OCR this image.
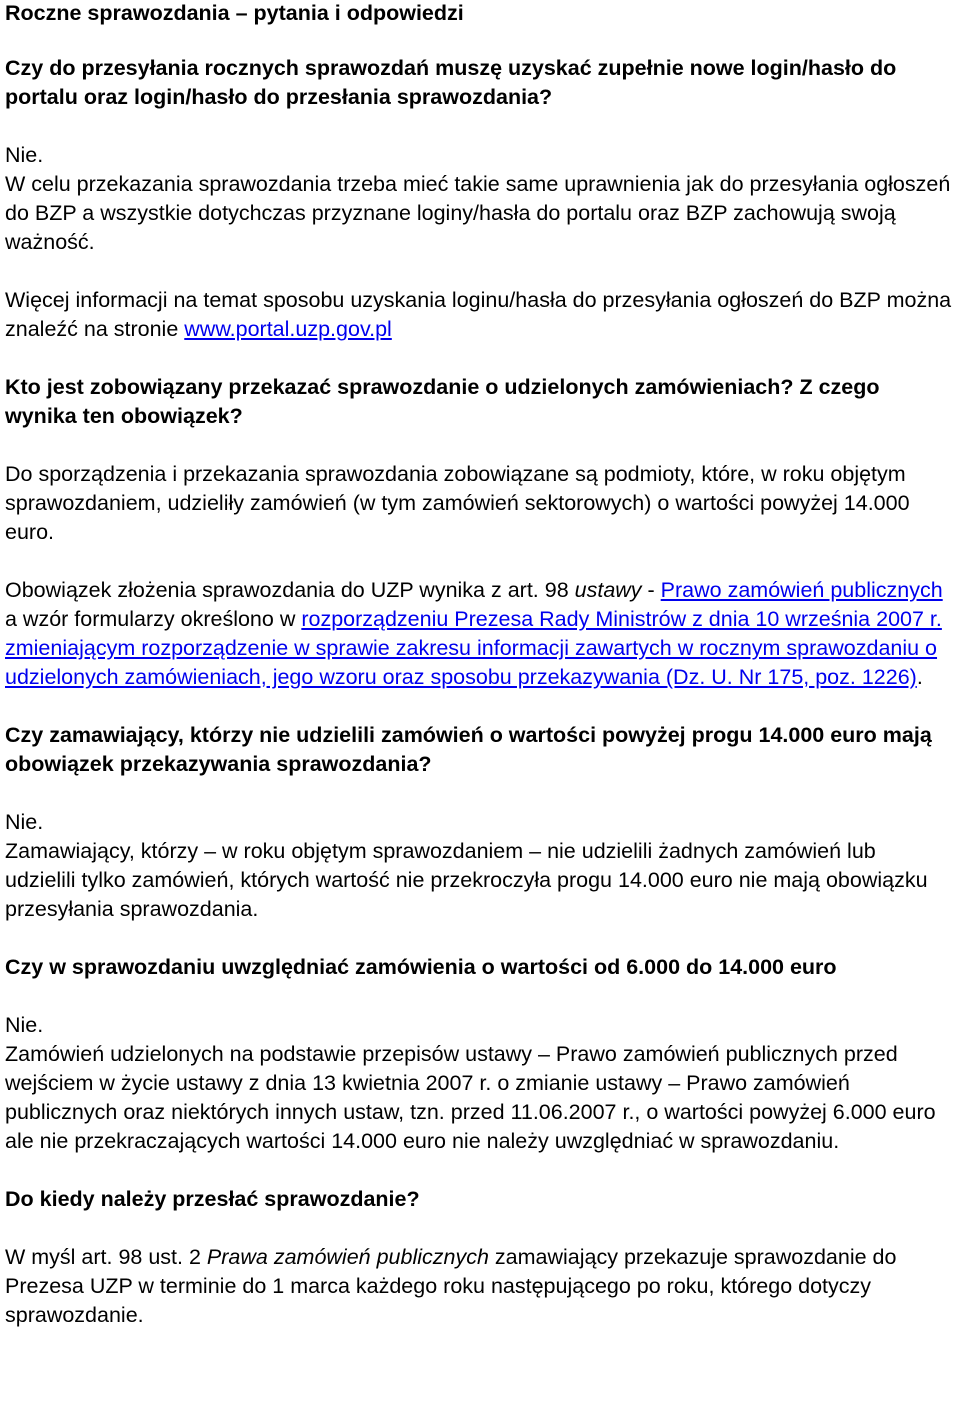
Roczne sprawozdania – pytania i odpowiedzi

Czy do przesyłania rocznych sprawozdań muszę uzyskać zupełnie nowe login/hasło do portalu oraz login/hasło do przesłania sprawozdania?

Nie.

W celu przekazania sprawozdania trzeba mieć takie same uprawnienia jak do przesyłania ogłoszeń do BZP a wszystkie dotychczas przyznane loginy/hasła do portalu oraz BZP zachowują swoją ważność.

Więcej informacji na temat sposobu uzyskania loginu/hasła do przesyłania ogłoszeń do BZP można znaleźć na stronie www.portal.uzp.gov.pl

Kto jest zobowiązany przekazać sprawozdanie o udzielonych zamówieniach? Z czego wynika ten obowiązek?

Do sporządzenia i przekazania sprawozdania zobowiązane są podmioty, które, w roku objętym sprawozdaniem, udzieliły zamówień (w tym zamówień sektorowych) o wartości powyżej 14.000 euro.

Obowiązek złożenia sprawozdania do UZP wynika z art. 98 ustawy - Prawo zamówień publicznych a wzór formularzy określono w rozporządzeniu Prezesa Rady Ministrów z dnia 10 września 2007 r. zmieniającym rozporządzenie w sprawie zakresu informacji zawartych w rocznym sprawozdaniu o udzielonych zamówieniach, jego wzoru oraz sposobu przekazywania (Dz. U. Nr 175, poz. 1226).

Czy zamawiający, którzy nie udzielili zamówień o wartości powyżej progu 14.000 euro mają obowiązek przekazywania sprawozdania?

Nie.

Zamawiający, którzy – w roku objętym sprawozdaniem – nie udzielili żadnych zamówień lub udzielili tylko zamówień, których wartość nie przekroczyła progu 14.000 euro nie mają obowiązku przesyłania sprawozdania.

Czy w sprawozdaniu uwzględniać zamówienia o wartości od 6.000 do 14.000 euro

Nie.

Zamówień udzielonych na podstawie przepisów ustawy – Prawo zamówień publicznych przed wejściem w życie ustawy z dnia 13 kwietnia 2007 r. o zmianie ustawy – Prawo zamówień publicznych oraz niektórych innych ustaw, tzn. przed 11.06.2007 r., o wartości powyżej 6.000 euro ale nie przekraczających wartości 14.000 euro nie należy uwzględniać w sprawozdaniu.

Do kiedy należy przesłać sprawozdanie?

W myśl art. 98 ust. 2 Prawa zamówień publicznych zamawiający przekazuje sprawozdanie do Prezesa UZP w terminie do 1 marca każdego roku następującego po roku, którego dotyczy sprawozdanie.
